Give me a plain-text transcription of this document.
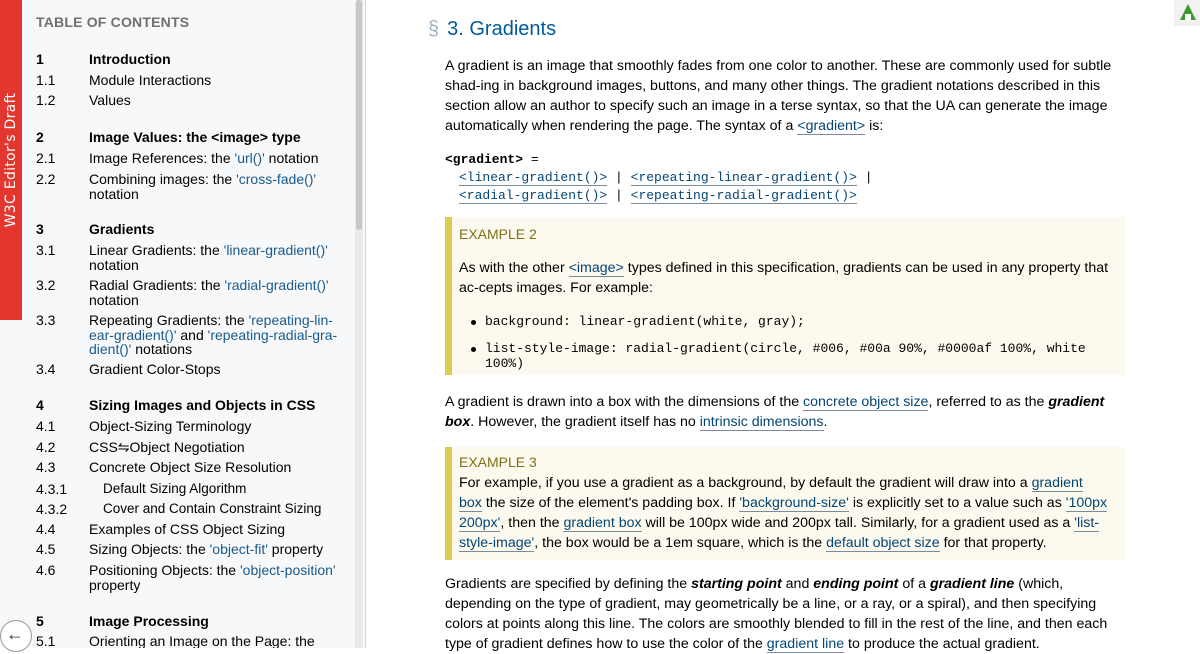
W3C Editor's Draft
TABLE OF CONTENTS
1	Introduction
1.1 Module Interactions
1.2 Values
2	Image Values: the <image> type
2.1 Image References: the 'url()' notation
2.2 Combining images: the 'cross-fade()' notation
3	Gradients
3.1 Linear Gradients: the 'linear-gradient()' notation
3.2 Radial Gradients: the 'radial-gradient()' notation
3.3 Repeating Gradients: the 'repeating-lin-ear-gradient()' and 'repeating-radial-gra-dient()' notations
3.4 Gradient Color-Stops
4	Sizing Images and Objects in CSS
4.1 Object-Sizing Terminology
4.2 CSS⇋Object Negotiation
4.3 Concrete Object Size Resolution
4.3.1	Default Sizing Algorithm
4.3.2	Cover and Contain Constraint Sizing
4.4 Examples of CSS Object Sizing
4.5 Sizing Objects: the 'object-fit' property
4.6 Positioning Objects: the 'object-position' property
5	Image Processing
5.1 Orienting an Image on the Page: the
←
§ 3. Gradients

A gradient is an image that smoothly fades from one color to another. These are commonly used for subtle shad-ing in background images, buttons, and many other things. The gradient notations described in this section allow an author to specify such an image in a terse syntax, so that the UA can generate the image automatically when rendering the page. The syntax of a <gradient> is:

<gradient> =
<linear-gradient()> | <repeating-linear-gradient()> |
<radial-gradient()> | <repeating-radial-gradient()>
EXAMPLE 2
As with the other <image> types defined in this specification, gradients can be used in any property that ac-cepts images. For example:
background: linear-gradient(white, gray);
list-style-image: radial-gradient(circle, #006, #00a 90%, #0000af 100%, white 100%)

A gradient is drawn into a box with the dimensions of the concrete object size, referred to as the gradient box. However, the gradient itself has no intrinsic dimensions.

EXAMPLE 3
For example, if you use a gradient as a background, by default the gradient will draw into a gradient box the size of the element's padding box. If 'background-size' is explicitly set to a value such as '100px 200px', then the gradient box will be 100px wide and 200px tall. Similarly, for a gradient used as a 'list-style-image', the box would be a 1em square, which is the default object size for that property.

Gradients are specified by defining the starting point and ending point of a gradient line (which, depending on the type of gradient, may geometrically be a line, or a ray, or a spiral), and then specifying colors at points along this line. The colors are smoothly blended to fill in the rest of the line, and then each type of gradient defines how to use the color of the gradient line to produce the actual gradient.
